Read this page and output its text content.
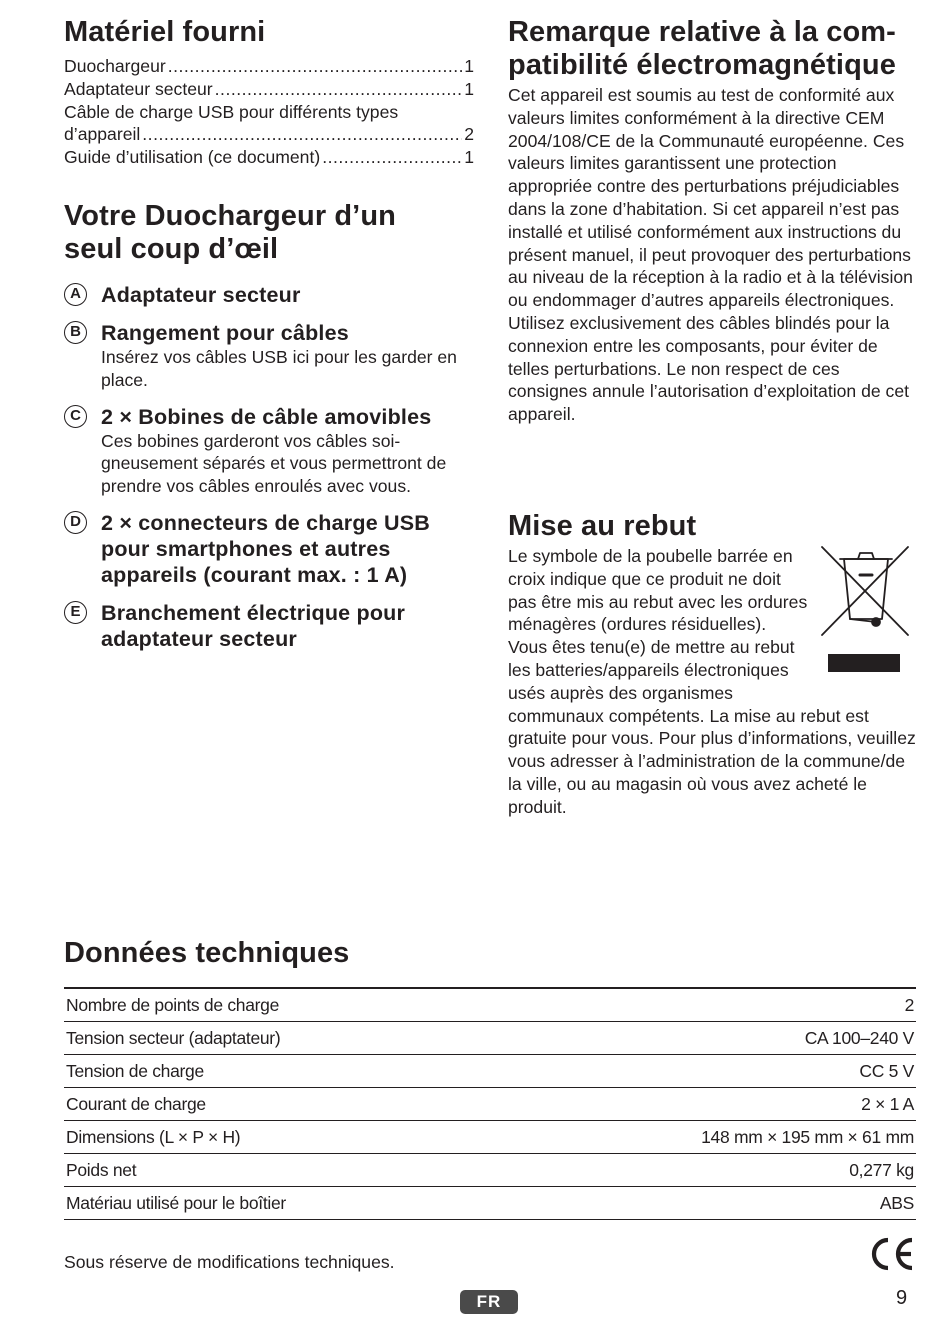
Matériel fourni
Duochargeur .....	1
Adaptateur secteur .....	1
Câble de charge USB pour différents types
d’appareil .....	2
Guide d’utilisation (ce document) .....	1
Votre Duochargeur d’un
seul coup d’œil
A Adaptateur secteur
B Rangement pour câbles
Insérez vos câbles USB ici pour les garder en place.
C 2 × Bobines de câble amovibles
Ces bobines garderont vos câbles soigneusement séparés et vous permettront de prendre vos câbles enroulés avec vous.
D 2 × connecteurs de charge USB pour smartphones et autres appareils (courant max. : 1 A)
E Branchement électrique pour adaptateur secteur
Remarque relative à la com-
patibilité électromagnétique

Cet appareil est soumis au test de conformité aux valeurs limites conformément à la directive CEM 2004/108/CE de la Communauté européenne. Ces valeurs limites garantissent une protection appropriée contre des perturbations préjudiciables dans la zone d’habitation. Si cet appareil n’est pas installé et utilisé conformément aux instructions du présent manuel, il peut provoquer des perturbations au niveau de la réception à la radio et à la télévision ou endommager d’autres appareils électroniques. Utilisez exclusivement des câbles blindés pour la connexion entre les composants, pour éviter de telles perturbations. Le non respect de ces consignes annule l’autorisation d’exploitation de cet appareil.

Mise au rebut

Le symbole de la poubelle barrée en croix indique que ce produit ne doit pas être mis au rebut avec les ordures ménagères (ordures résiduelles). Vous êtes tenu(e) de mettre au rebut les batteries/appareils électroniques usés auprès des organismes communaux compétents. La mise au rebut est gratuite pour vous. Pour plus d’informations, veuillez vous adresser à l’administration de la commune/de la ville, ou au magasin où vous avez acheté le produit.

Données techniques
Nombre de points de charge	2
Tension secteur (adaptateur)	CA 100–240 V
Tension de charge	CC 5 V
Courant de charge	2 × 1 A
Dimensions (L × P × H)	148 mm × 195 mm × 61 mm
Poids net	0,277 kg
Matériau utilisé pour le boîtier	ABS
Sous réserve de modifications techniques.
FR	9
